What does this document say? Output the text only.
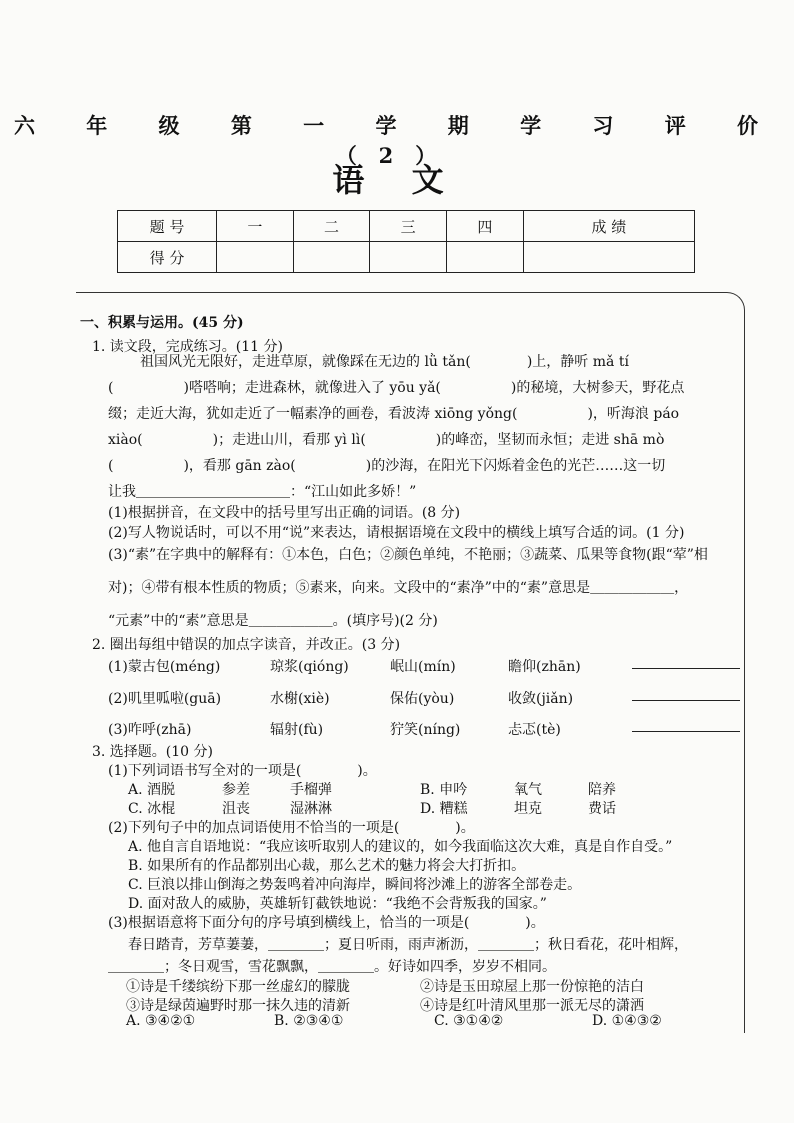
六 年 级 第 一 学 期 学 习 评 价 （2）
语 文
题 号	一	二	三	四	成 绩
得 分					
一、积累与运用。(45 分)
1. 读文段，完成练习。(11 分)
祖国风光无限好，走进草原，就像踩在无边的 lǜ tǎn(　　　　)上，静听 mǎ tí
(　　　　　)嗒嗒响；走进森林，就像进入了 yōu yǎ(　　　　　)的秘境，大树参天，野花点
缀；走近大海，犹如走近了一幅素净的画卷，看波涛 xiōng yǒng(　　　　　)，听海浪 páo
xiào(　　　　　)；走进山川，看那 yì lì(　　　　　)的峰峦，坚韧而永恒；走进 shā mò
(　　　　　)，看那 gān zào(　　　　　)的沙海，在阳光下闪烁着金色的光芒……这一切
让我＿＿＿＿＿＿＿＿＿＿＿：“江山如此多娇！”
(1)根据拼音，在文段中的括号里写出正确的词语。(8 分)
(2)写人物说话时，可以不用“说”来表达，请根据语境在文段中的横线上填写合适的词。(1 分)
(3)“素”在字典中的解释有：①本色，白色；②颜色单纯，不艳丽；③蔬菜、瓜果等食物(跟“荤”相
对)；④带有根本性质的物质；⑤素来，向来。文段中的“素净”中的“素”意思是＿＿＿＿＿＿，
“元素”中的“素”意思是＿＿＿＿＿＿。(填序号)(2 分)
2. 圈出每组中错误的加点字读音，并改正。(3 分)
(1)蒙古包(méng)	琼浆(qióng)	岷山(mín)	瞻仰(zhān)
(2)叽里呱啦(guā)	水榭(xiè)	保佑(yòu)	收敛(jiǎn)
(3)咋呼(zhā)	辐射(fù)	狞笑(níng)	忐忑(tè)
3. 选择题。(10 分)
(1)下列词语书写全对的一项是(　　　　)。
A. 酒脱	参差	手榴弹	B. 申吟	氧气	陪养
C. 冰棍	沮丧	湿淋淋	D. 糟糕	坦克	费话
(2)下列句子中的加点词语使用不恰当的一项是(　　　　)。
A. 他自言自语地说：“我应该听取别人的建议的，如今我面临这次大难，真是自作自受。”
B. 如果所有的作品都别出心裁，那么艺术的魅力将会大打折扣。
C. 巨浪以排山倒海之势轰鸣着冲向海岸，瞬间将沙滩上的游客全部卷走。
D. 面对敌人的威胁，英雄斩钉截铁地说：“我绝不会背叛我的国家。”
(3)根据语意将下面分句的序号填到横线上，恰当的一项是(　　　　)。
春日踏青，芳草萋萋，＿＿＿＿；夏日听雨，雨声淅沥，＿＿＿＿；秋日看花，花叶相辉，
＿＿＿＿；冬日观雪，雪花飘飘，＿＿＿＿。好诗如四季，岁岁不相同。
①诗是千缕缤纷下那一丝虚幻的朦胧	②诗是玉田琼屋上那一份惊艳的洁白
③诗是绿茵遍野时那一抹久违的清新	④诗是红叶清风里那一派无尽的潇洒
A. ③④②①	B. ②③④①	C. ③①④②	D. ①④③②
